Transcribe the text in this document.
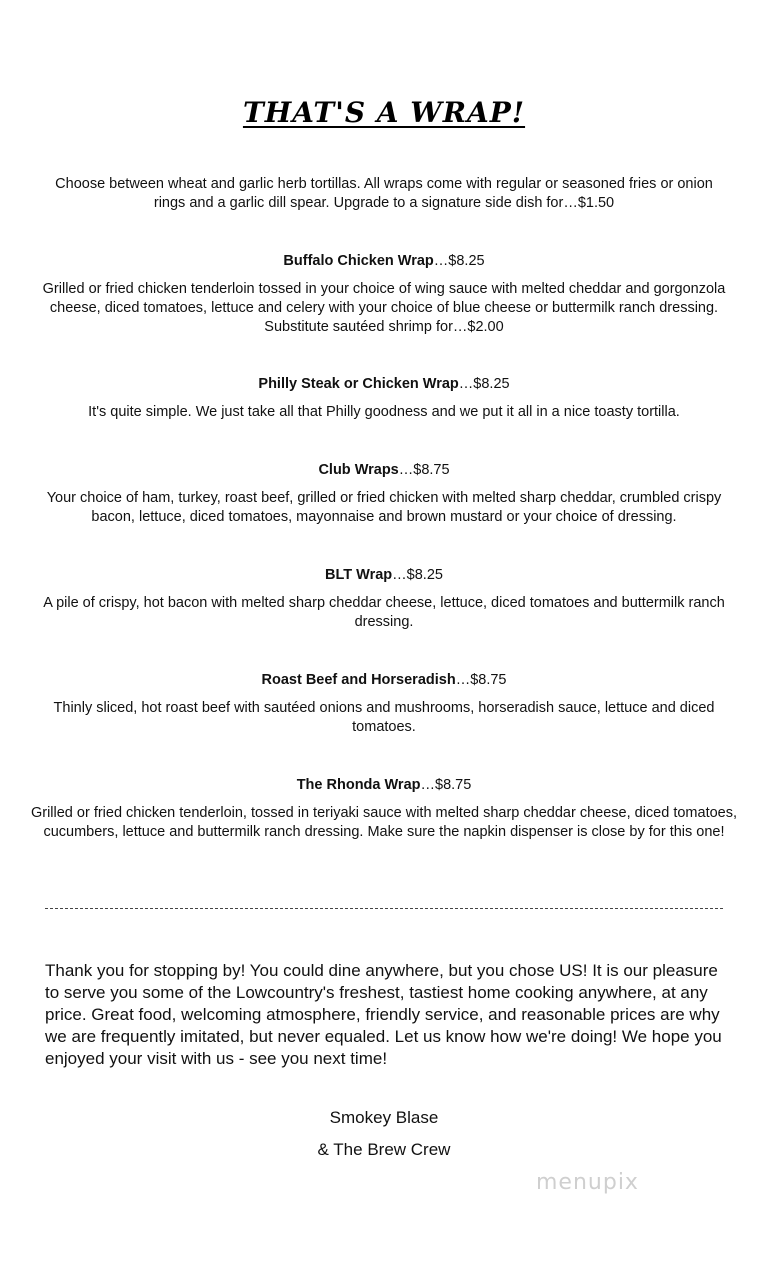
THAT'S A WRAP!
Choose between wheat and garlic herb tortillas. All wraps come with regular or seasoned fries or onion rings and a garlic dill spear. Upgrade to a signature side dish for…$1.50
Buffalo Chicken Wrap…$8.25
Grilled or fried chicken tenderloin tossed in your choice of wing sauce with melted cheddar and gorgonzola cheese, diced tomatoes, lettuce and celery with your choice of blue cheese or buttermilk ranch dressing. Substitute sautéed shrimp for…$2.00
Philly Steak or Chicken Wrap…$8.25
It's quite simple. We just take all that Philly goodness and we put it all in a nice toasty tortilla.
Club Wraps…$8.75
Your choice of ham, turkey, roast beef, grilled or fried chicken with melted sharp cheddar, crumbled crispy bacon, lettuce, diced tomatoes, mayonnaise and brown mustard or your choice of dressing.
BLT Wrap…$8.25
A pile of crispy, hot bacon with melted sharp cheddar cheese, lettuce, diced tomatoes and buttermilk ranch dressing.
Roast Beef and Horseradish…$8.75
Thinly sliced, hot roast beef with sautéed onions and mushrooms, horseradish sauce, lettuce and diced tomatoes.
The Rhonda Wrap…$8.75
Grilled or fried chicken tenderloin, tossed in teriyaki sauce with melted sharp cheddar cheese, diced tomatoes, cucumbers, lettuce and buttermilk ranch dressing. Make sure the napkin dispenser is close by for this one!
Thank you for stopping by! You could dine anywhere, but you chose US! It is our pleasure to serve you some of the Lowcountry's freshest, tastiest home cooking anywhere, at any price. Great food, welcoming atmosphere, friendly service, and reasonable prices are why we are frequently imitated, but never equaled. Let us know how we're doing! We hope you enjoyed your visit with us - see you next time!
Smokey Blase
& The Brew Crew
menupix
